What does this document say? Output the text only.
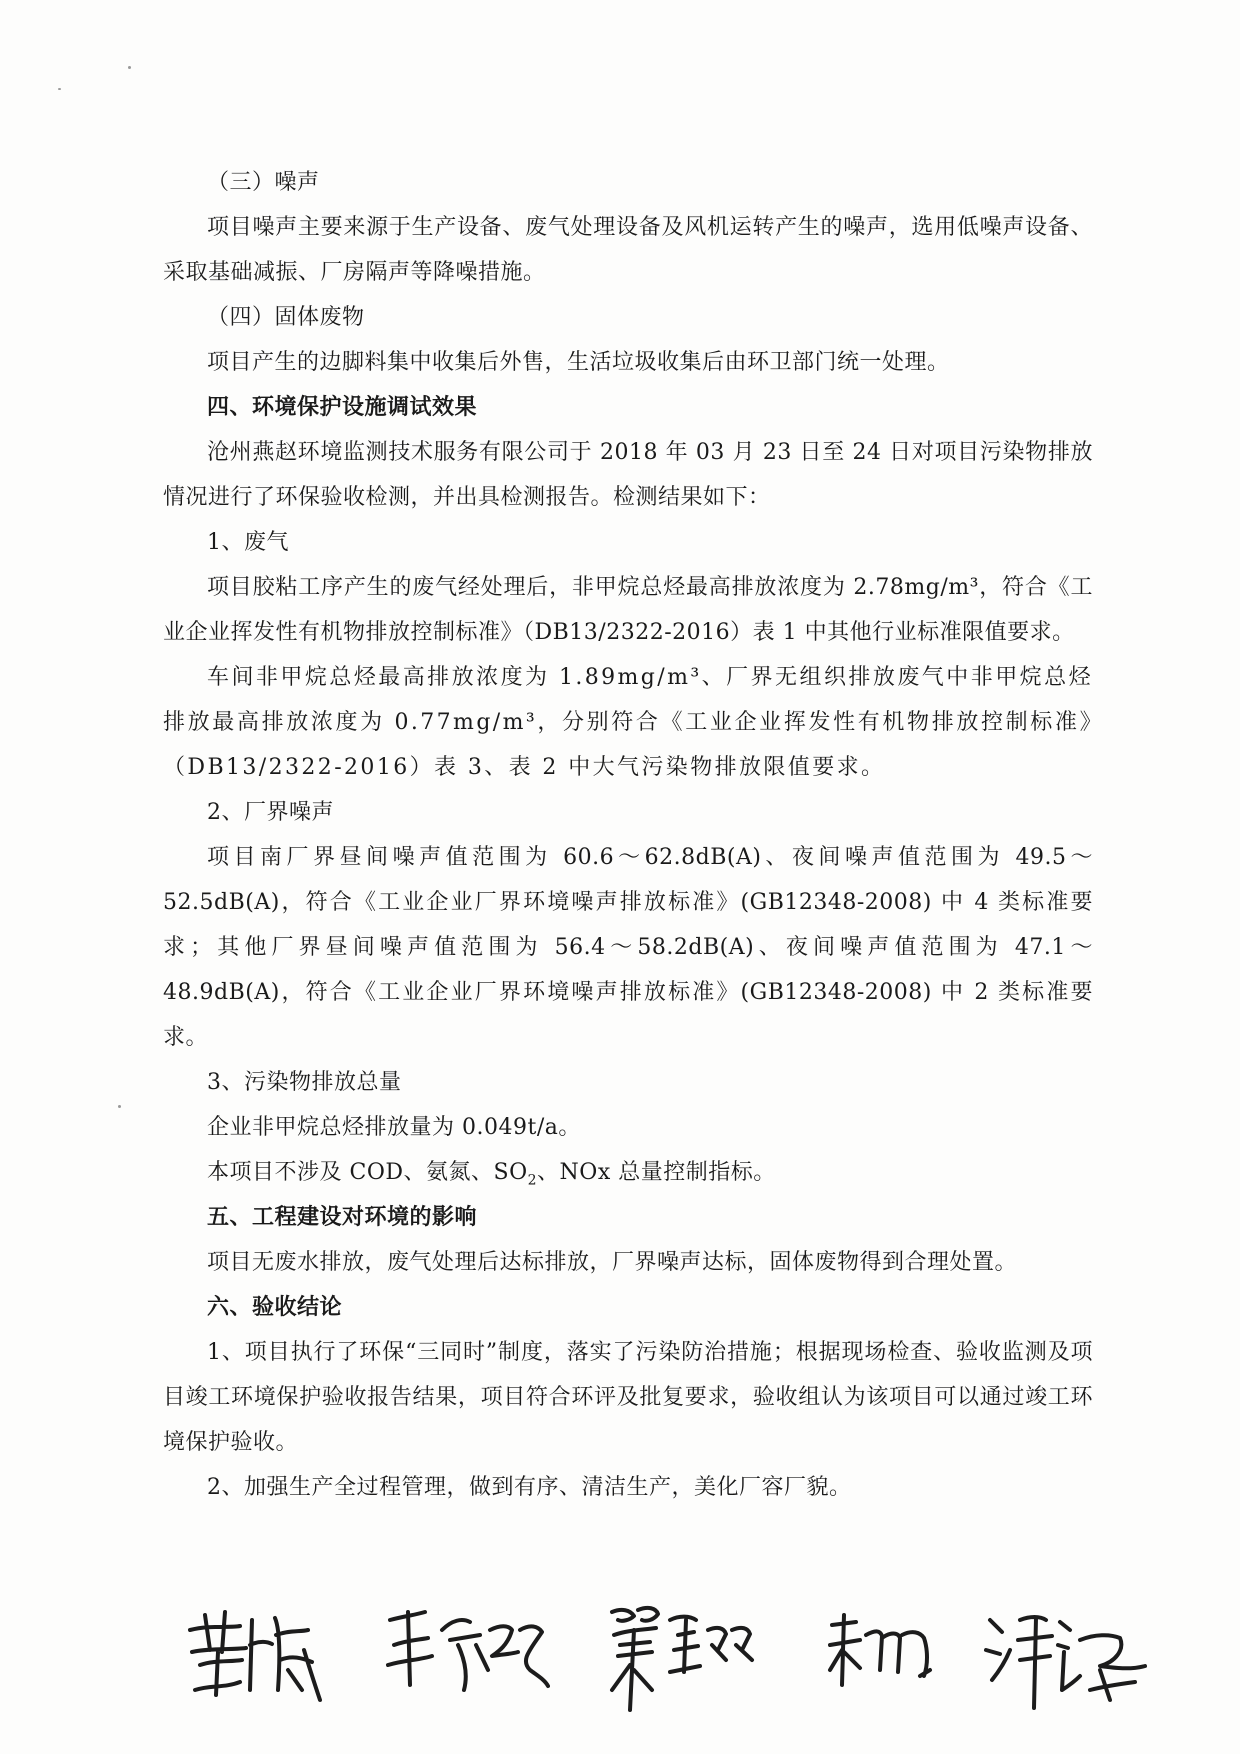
（三）噪声

项目噪声主要来源于生产设备、废气处理设备及风机运转产生的噪声，选用低噪声设备、采取基础减振、厂房隔声等降噪措施。

（四）固体废物

项目产生的边脚料集中收集后外售，生活垃圾收集后由环卫部门统一处理。

四、环境保护设施调试效果

沧州燕赵环境监测技术服务有限公司于 2018 年 03 月 23 日至 24 日对项目污染物排放情况进行了环保验收检测，并出具检测报告。检测结果如下：

1、废气

项目胶粘工序产生的废气经处理后，非甲烷总烃最高排放浓度为 2.78mg/m³，符合《工业企业挥发性有机物排放控制标准》（DB13/2322-2016）表 1 中其他行业标准限值要求。

车间非甲烷总烃最高排放浓度为 1.89mg/m³、厂界无组织排放废气中非甲烷总烃排放最高排放浓度为 0.77mg/m³，分别符合《工业企业挥发性有机物排放控制标准》（DB13/2322-2016）表 3、表 2 中大气污染物排放限值要求。

2、厂界噪声

项目南厂界昼间噪声值范围为 60.6～62.8dB(A)、夜间噪声值范围为 49.5～52.5dB(A)，符合《工业企业厂界环境噪声排放标准》(GB12348-2008) 中 4 类标准要求；其他厂界昼间噪声值范围为 56.4～58.2dB(A)、夜间噪声值范围为 47.1～48.9dB(A)，符合《工业企业厂界环境噪声排放标准》(GB12348-2008) 中 2 类标准要求。

3、污染物排放总量

企业非甲烷总烃排放量为 0.049t/a。

本项目不涉及 COD、氨氮、$SO_2$、NOx 总量控制指标。

五、工程建设对环境的影响

项目无废水排放，废气处理后达标排放，厂界噪声达标，固体废物得到合理处置。

六、验收结论

1、项目执行了环保“三同时”制度，落实了污染防治措施；根据现场检查、验收监测及项目竣工环境保护验收报告结果，项目符合环评及批复要求，验收组认为该项目可以通过竣工环境保护验收。

2、加强生产全过程管理，做到有序、清洁生产，美化厂容厂貌。
